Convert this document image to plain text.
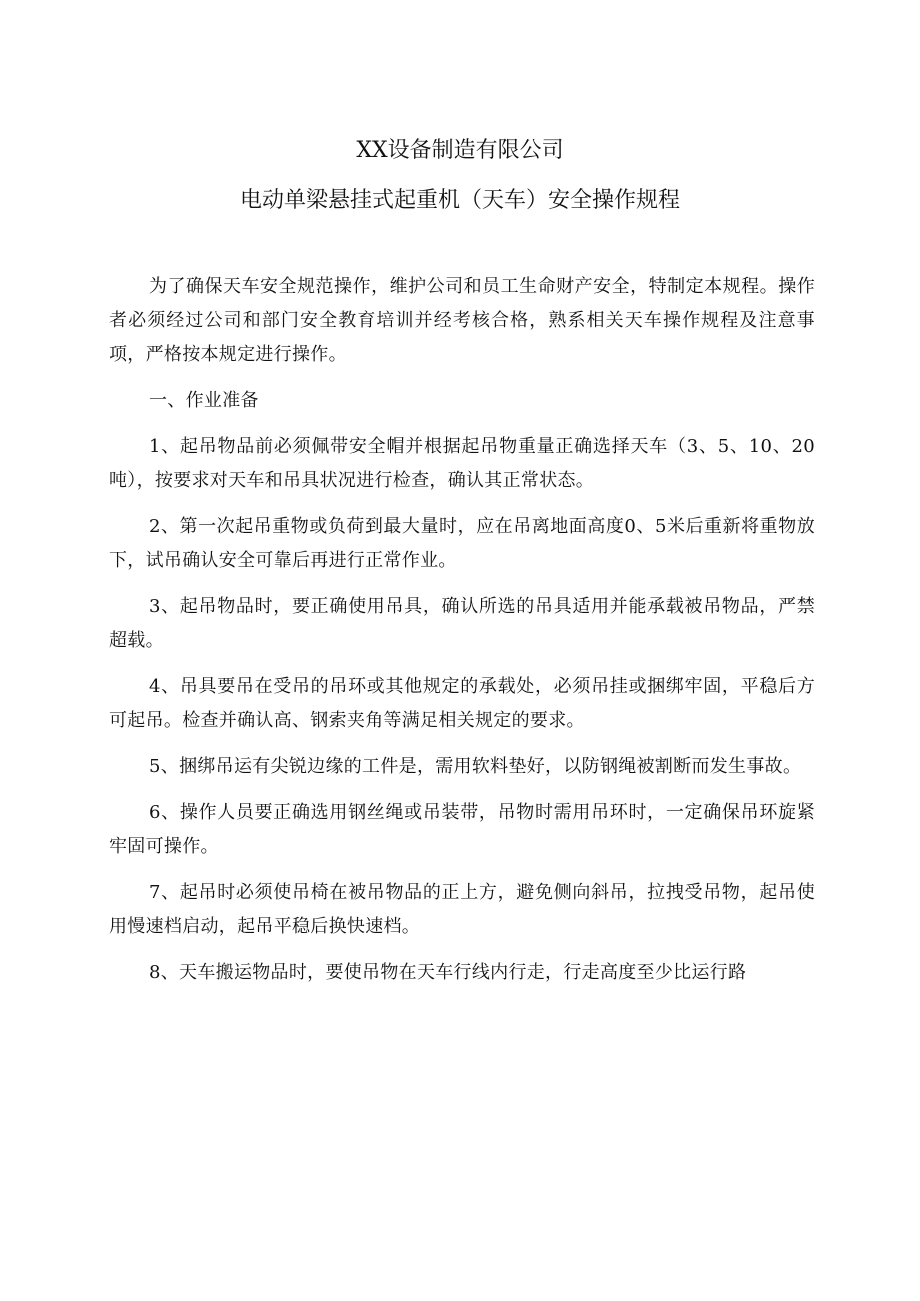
XX设备制造有限公司
电动单梁悬挂式起重机（天车）安全操作规程

为了确保天车安全规范操作，维护公司和员工生命财产安全，特制定本规程。操作者必须经过公司和部门安全教育培训并经考核合格，熟系相关天车操作规程及注意事项，严格按本规定进行操作。

一、作业准备

1、起吊物品前必须佩带安全帽并根据起吊物重量正确选择天车（3、5、10、20吨），按要求对天车和吊具状况进行检查，确认其正常状态。

2、第一次起吊重物或负荷到最大量时，应在吊离地面高度0、5米后重新将重物放下，试吊确认安全可靠后再进行正常作业。

3、起吊物品时，要正确使用吊具，确认所选的吊具适用并能承载被吊物品，严禁超载。

4、吊具要吊在受吊的吊环或其他规定的承载处，必须吊挂或捆绑牢固，平稳后方可起吊。检查并确认高、钢索夹角等满足相关规定的要求。

5、捆绑吊运有尖锐边缘的工件是，需用软料垫好，以防钢绳被割断而发生事故。

6、操作人员要正确选用钢丝绳或吊装带，吊物时需用吊环时，一定确保吊环旋紧牢固可操作。

7、起吊时必须使吊椅在被吊物品的正上方，避免侧向斜吊，拉拽受吊物，起吊使用慢速档启动，起吊平稳后换快速档。

8、天车搬运物品时，要使吊物在天车行线内行走，行走高度至少比运行路
